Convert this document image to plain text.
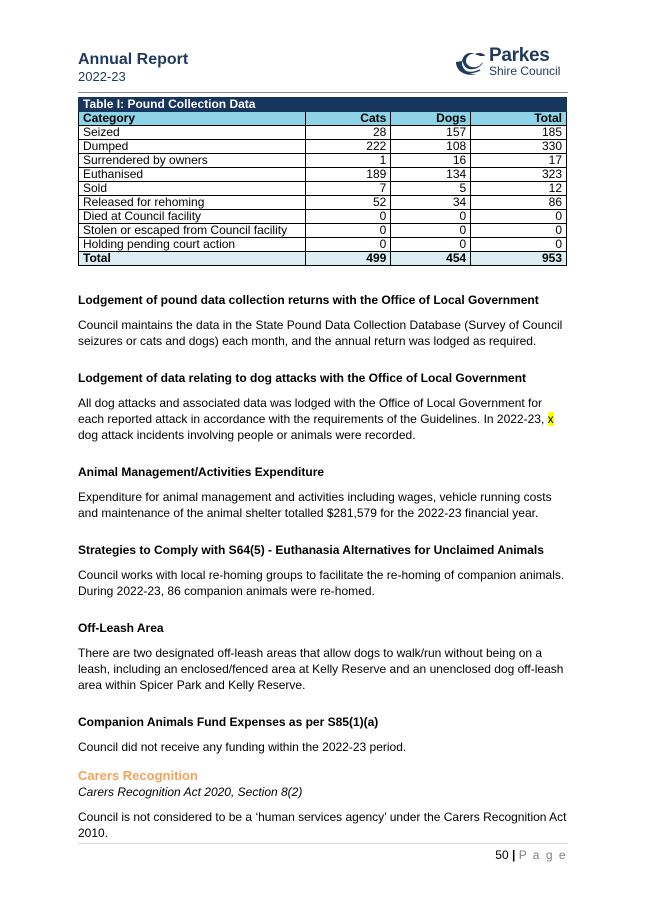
Annual Report
2022-23
Parkes
Shire Council
Table I: Pound Collection Data			
Category	Cats	Dogs	Total
Seized	28	157	185
Dumped	222	108	330
Surrendered by owners	1	16	17
Euthanised	189	134	323
Sold	7	5	12
Released for rehoming	52	34	86
Died at Council facility	0	0	0
Stolen or escaped from Council facility	0	0	0
Holding pending court action	0	0	0
Total	499	454	953
Lodgement of pound data collection returns with the Office of Local Government
Council maintains the data in the State Pound Data Collection Database (Survey of Council seizures or cats and dogs) each month, and the annual return was lodged as required.
Lodgement of data relating to dog attacks with the Office of Local Government
All dog attacks and associated data was lodged with the Office of Local Government for each reported attack in accordance with the requirements of the Guidelines. In 2022-23, x dog attack incidents involving people or animals were recorded.
Animal Management/Activities Expenditure
Expenditure for animal management and activities including wages, vehicle running costs and maintenance of the animal shelter totalled $281,579 for the 2022-23 financial year.
Strategies to Comply with S64(5) - Euthanasia Alternatives for Unclaimed Animals
Council works with local re-homing groups to facilitate the re-homing of companion animals. During 2022-23, 86 companion animals were re-homed.
Off-Leash Area
There are two designated off-leash areas that allow dogs to walk/run without being on a leash, including an enclosed/fenced area at Kelly Reserve and an unenclosed dog off-leash area within Spicer Park and Kelly Reserve.
Companion Animals Fund Expenses as per S85(1)(a)
Council did not receive any funding within the 2022-23 period.
Carers Recognition
Carers Recognition Act 2020, Section 8(2)
Council is not considered to be a ‘human services agency’ under the Carers Recognition Act 2010.
50 | P a g e
